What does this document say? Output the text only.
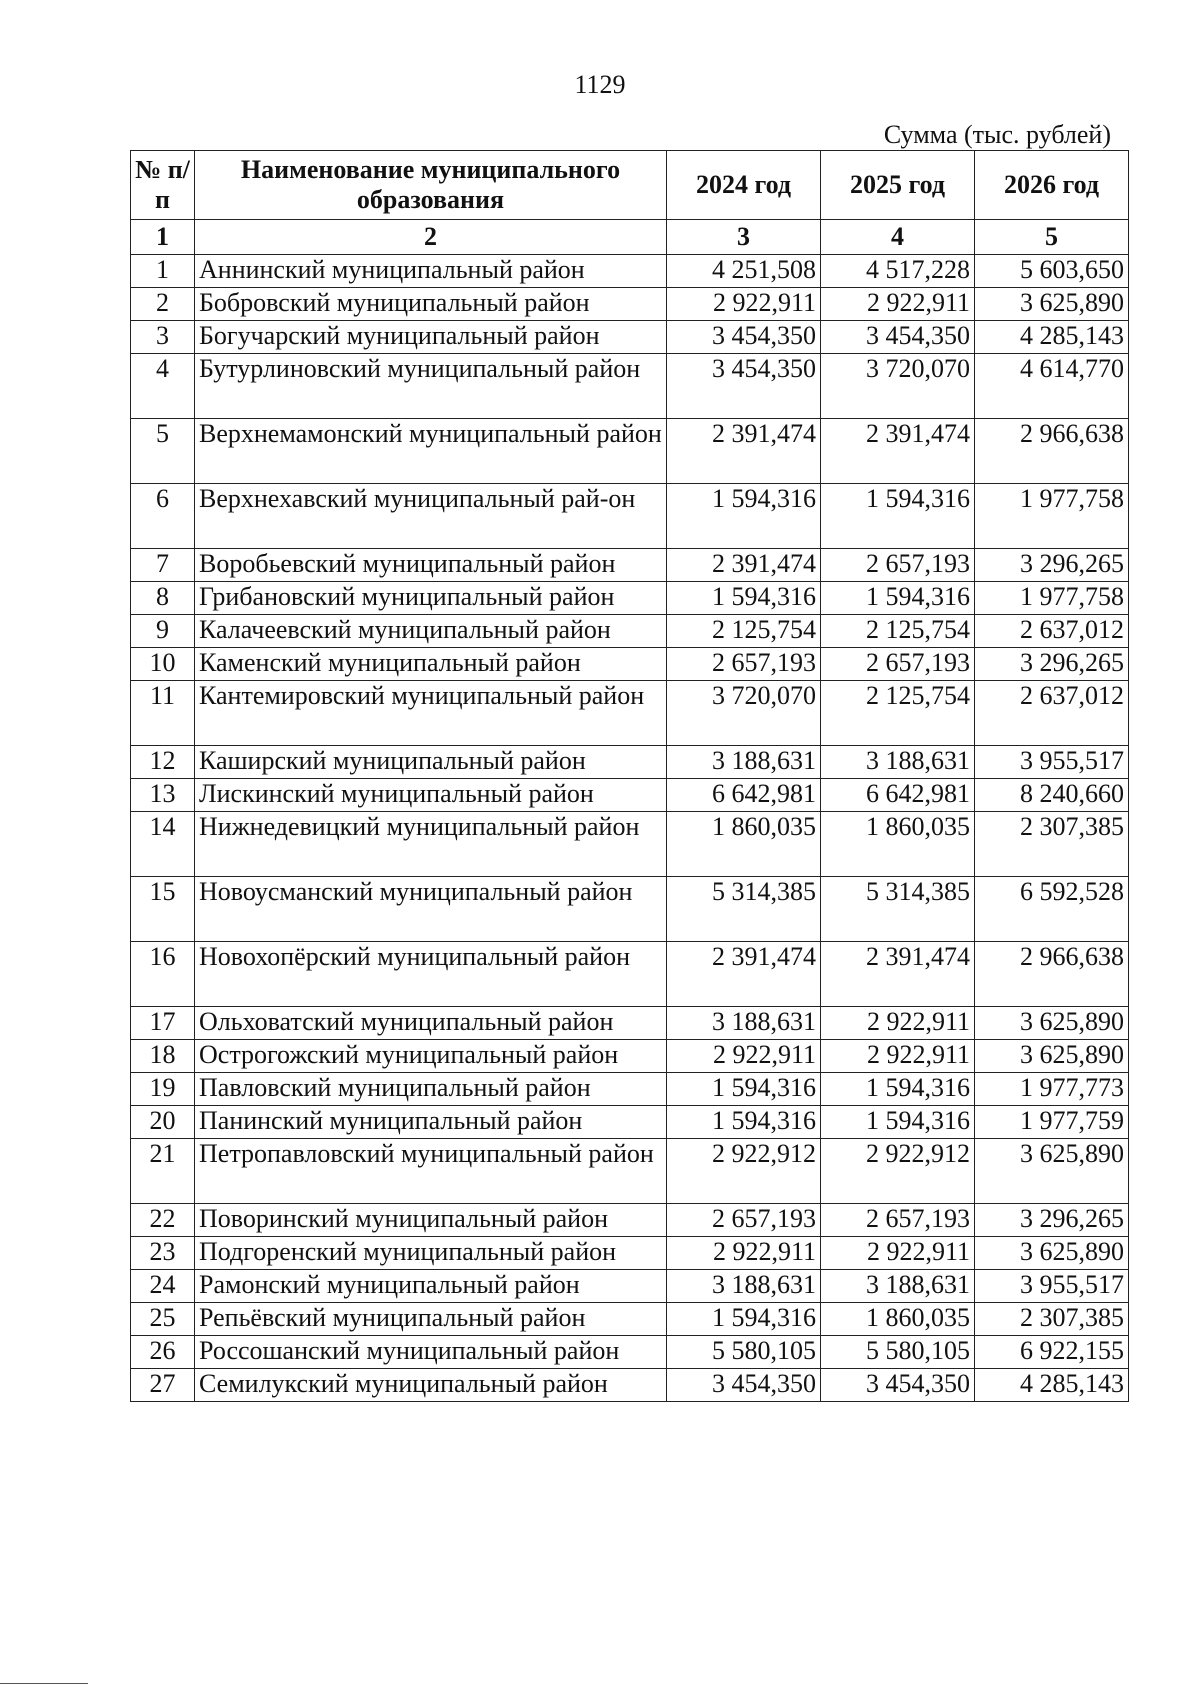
1129
Сумма (тыс. рублей)
№ п/п	Наименование муниципального образования	2024 год	2025 год	2026 год
1	2	3	4	5
1	Аннинский муниципальный район	4 251,508	4 517,228	5 603,650
2	Бобровский муниципальный район	2 922,911	2 922,911	3 625,890
3	Богучарский муниципальный район	3 454,350	3 454,350	4 285,143
4	Бутурлиновский муниципальный район	3 454,350	3 720,070	4 614,770
5	Верхнемамонский муниципальный район	2 391,474	2 391,474	2 966,638
6	Верхнехавский муниципальный рай-он	1 594,316	1 594,316	1 977,758
7	Воробьевский муниципальный район	2 391,474	2 657,193	3 296,265
8	Грибановский муниципальный район	1 594,316	1 594,316	1 977,758
9	Калачеевский муниципальный район	2 125,754	2 125,754	2 637,012
10	Каменский муниципальный район	2 657,193	2 657,193	3 296,265
11	Кантемировский муниципальный район	3 720,070	2 125,754	2 637,012
12	Каширский муниципальный район	3 188,631	3 188,631	3 955,517
13	Лискинский муниципальный район	6 642,981	6 642,981	8 240,660
14	Нижнедевицкий муниципальный район	1 860,035	1 860,035	2 307,385
15	Новоусманский муниципальный район	5 314,385	5 314,385	6 592,528
16	Новохопёрский муниципальный район	2 391,474	2 391,474	2 966,638
17	Ольховатский муниципальный район	3 188,631	2 922,911	3 625,890
18	Острогожский муниципальный район	2 922,911	2 922,911	3 625,890
19	Павловский муниципальный район	1 594,316	1 594,316	1 977,773
20	Панинский муниципальный район	1 594,316	1 594,316	1 977,759
21	Петропавловский муниципальный район	2 922,912	2 922,912	3 625,890
22	Поворинский муниципальный район	2 657,193	2 657,193	3 296,265
23	Подгоренский муниципальный район	2 922,911	2 922,911	3 625,890
24	Рамонский муниципальный район	3 188,631	3 188,631	3 955,517
25	Репьёвский муниципальный район	1 594,316	1 860,035	2 307,385
26	Россошанский муниципальный район	5 580,105	5 580,105	6 922,155
27	Семилукский муниципальный район	3 454,350	3 454,350	4 285,143
